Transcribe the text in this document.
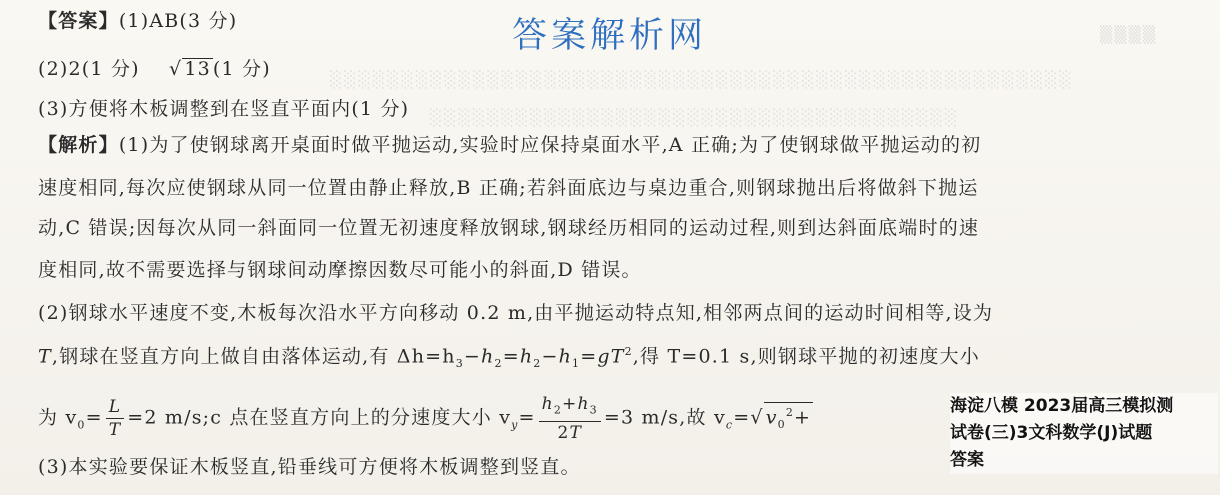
▒▒▒▒
░░░░░░░░░░░░░░░░░░░░░░░░░░░░░░░░░░░░░░░░░░░░░░░░░░░░
░░░░░░░░░░░░░░░░░░░░░░░░░░░░░░░░░░░░░
答案解析网
【答案】(1)AB(3 分)
(2)2(1 分) √ 13 (1 分)
(3)方便将木板调整到在竖直平面内(1 分)
【解析】(1)为了使钢球离开桌面时做平抛运动,实验时应保持桌面水平,A 正确;为了使钢球做平抛运动的初
速度相同,每次应使钢球从同一位置由静止释放,B 正确;若斜面底边与桌边重合,则钢球抛出后将做斜下抛运
动,C 错误;因每次从同一斜面同一位置无初速度释放钢球,钢球经历相同的运动过程,则到达斜面底端时的速
度相同,故不需要选择与钢球间动摩擦因数尽可能小的斜面,D 错误。
(2)钢球水平速度不变,木板每次沿水平方向移动 0.2 m,由平抛运动特点知,相邻两点间的运动时间相等,设为
T,钢球在竖直方向上做自由落体运动,有 $\Delta h=h_3-h_2=h_2-h_1=gT^2$,得 T=0.1 s,则钢球平抛的初速度大小
为 $v_0= \frac{L}{T} =2$ m/s;c 点在竖直方向上的分速度大小 $v_y= \frac{h_2+h_3}{2T} =3$ m/s,故 $v_c=√$ $v_0^2+$
(3)本实验要保证木板竖直,铅垂线可方便将木板调整到竖直。
海淀八模 2023届高三模拟测
试卷(三)3文科数学(J)试题
答案
